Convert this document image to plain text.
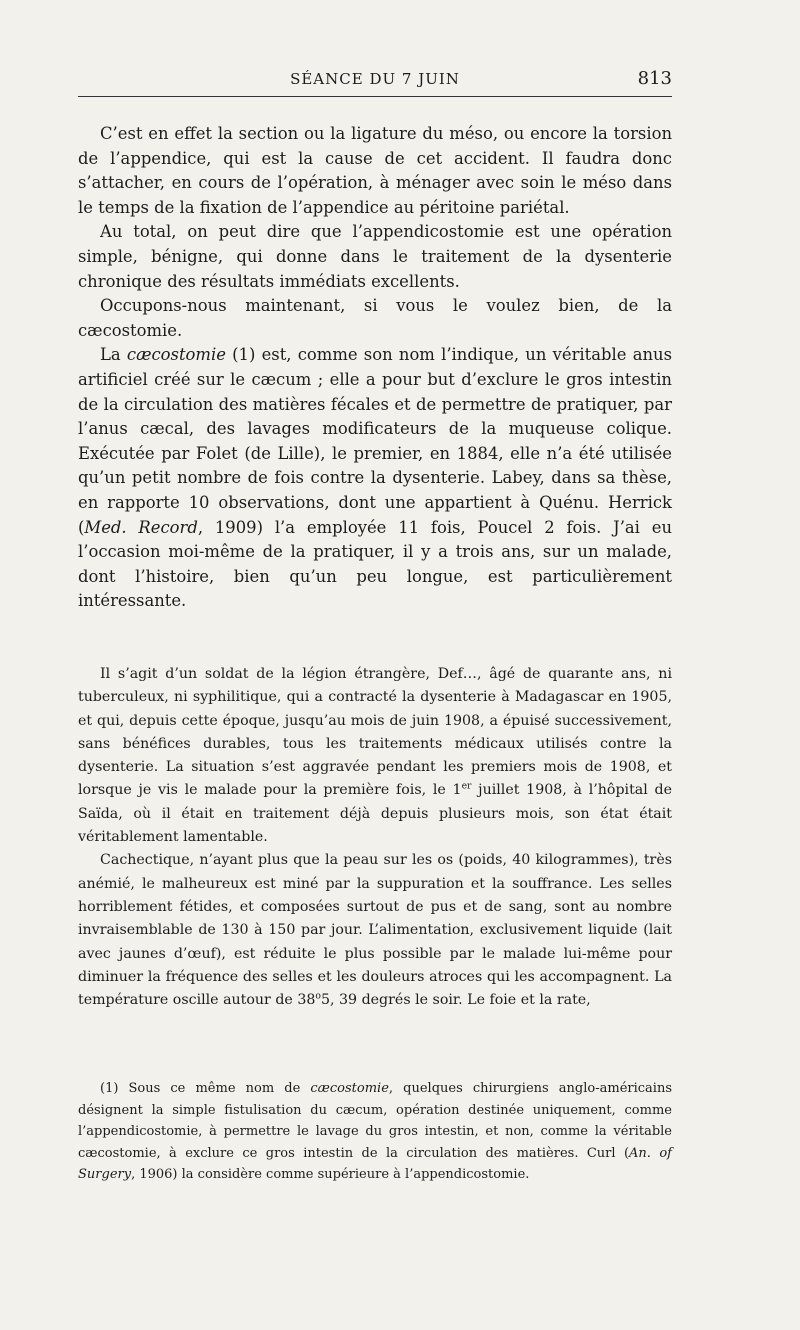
SÉANCE DU 7 JUIN	813

C’est en effet la section ou la ligature du méso, ou encore la torsion de l’appendice, qui est la cause de cet accident. Il faudra donc s’attacher, en cours de l’opération, à ménager avec soin le méso dans le temps de la fixation de l’appendice au péritoine pariétal.

Au total, on peut dire que l’appendicostomie est une opération simple, bénigne, qui donne dans le traitement de la dysenterie chronique des résultats immédiats excellents.

Occupons-nous maintenant, si vous le voulez bien, de la cæcostomie.

La cæcostomie (1) est, comme son nom l’indique, un véritable anus artificiel créé sur le cæcum ; elle a pour but d’exclure le gros intestin de la circulation des matières fécales et de permettre de pratiquer, par l’anus cæcal, des lavages modificateurs de la muqueuse colique. Exécutée par Folet (de Lille), le premier, en 1884, elle n’a été utilisée qu’un petit nombre de fois contre la dysenterie. Labey, dans sa thèse, en rapporte 10 observations, dont une appartient à Quénu. Herrick (Med. Record, 1909) l’a employée 11 fois, Poucel 2 fois. J’ai eu l’occasion moi-même de la pratiquer, il y a trois ans, sur un malade, dont l’histoire, bien qu’un peu longue, est particulièrement intéressante.

Il s’agit d’un soldat de la légion étrangère, Def…, âgé de quarante ans, ni tuberculeux, ni syphilitique, qui a contracté la dysenterie à Madagascar en 1905, et qui, depuis cette époque, jusqu’au mois de juin 1908, a épuisé successivement, sans bénéfices durables, tous les traitements médicaux utilisés contre la dysenterie. La situation s’est aggravée pendant les premiers mois de 1908, et lorsque je vis le malade pour la première fois, le 1er juillet 1908, à l’hôpital de Saïda, où il était en traitement déjà depuis plusieurs mois, son état était véritablement lamentable.

Cachectique, n’ayant plus que la peau sur les os (poids, 40 kilogrammes), très anémié, le malheureux est miné par la suppuration et la souffrance. Les selles horriblement fétides, et composées surtout de pus et de sang, sont au nombre invraisemblable de 130 à 150 par jour. L’alimentation, exclusivement liquide (lait avec jaunes d’œuf), est réduite le plus possible par le malade lui-même pour diminuer la fréquence des selles et les douleurs atroces qui les accompagnent. La température oscille autour de 38$^o$5, 39 degrés le soir. Le foie et la rate,

(1) Sous ce même nom de cæcostomie, quelques chirurgiens anglo-américains désignent la simple fistulisation du cæcum, opération destinée uniquement, comme l’appendicostomie, à permettre le lavage du gros intestin, et non, comme la véritable cæcostomie, à exclure ce gros intestin de la circulation des matières. Curl (An. of Surgery, 1906) la considère comme supérieure à l’appendicostomie.
